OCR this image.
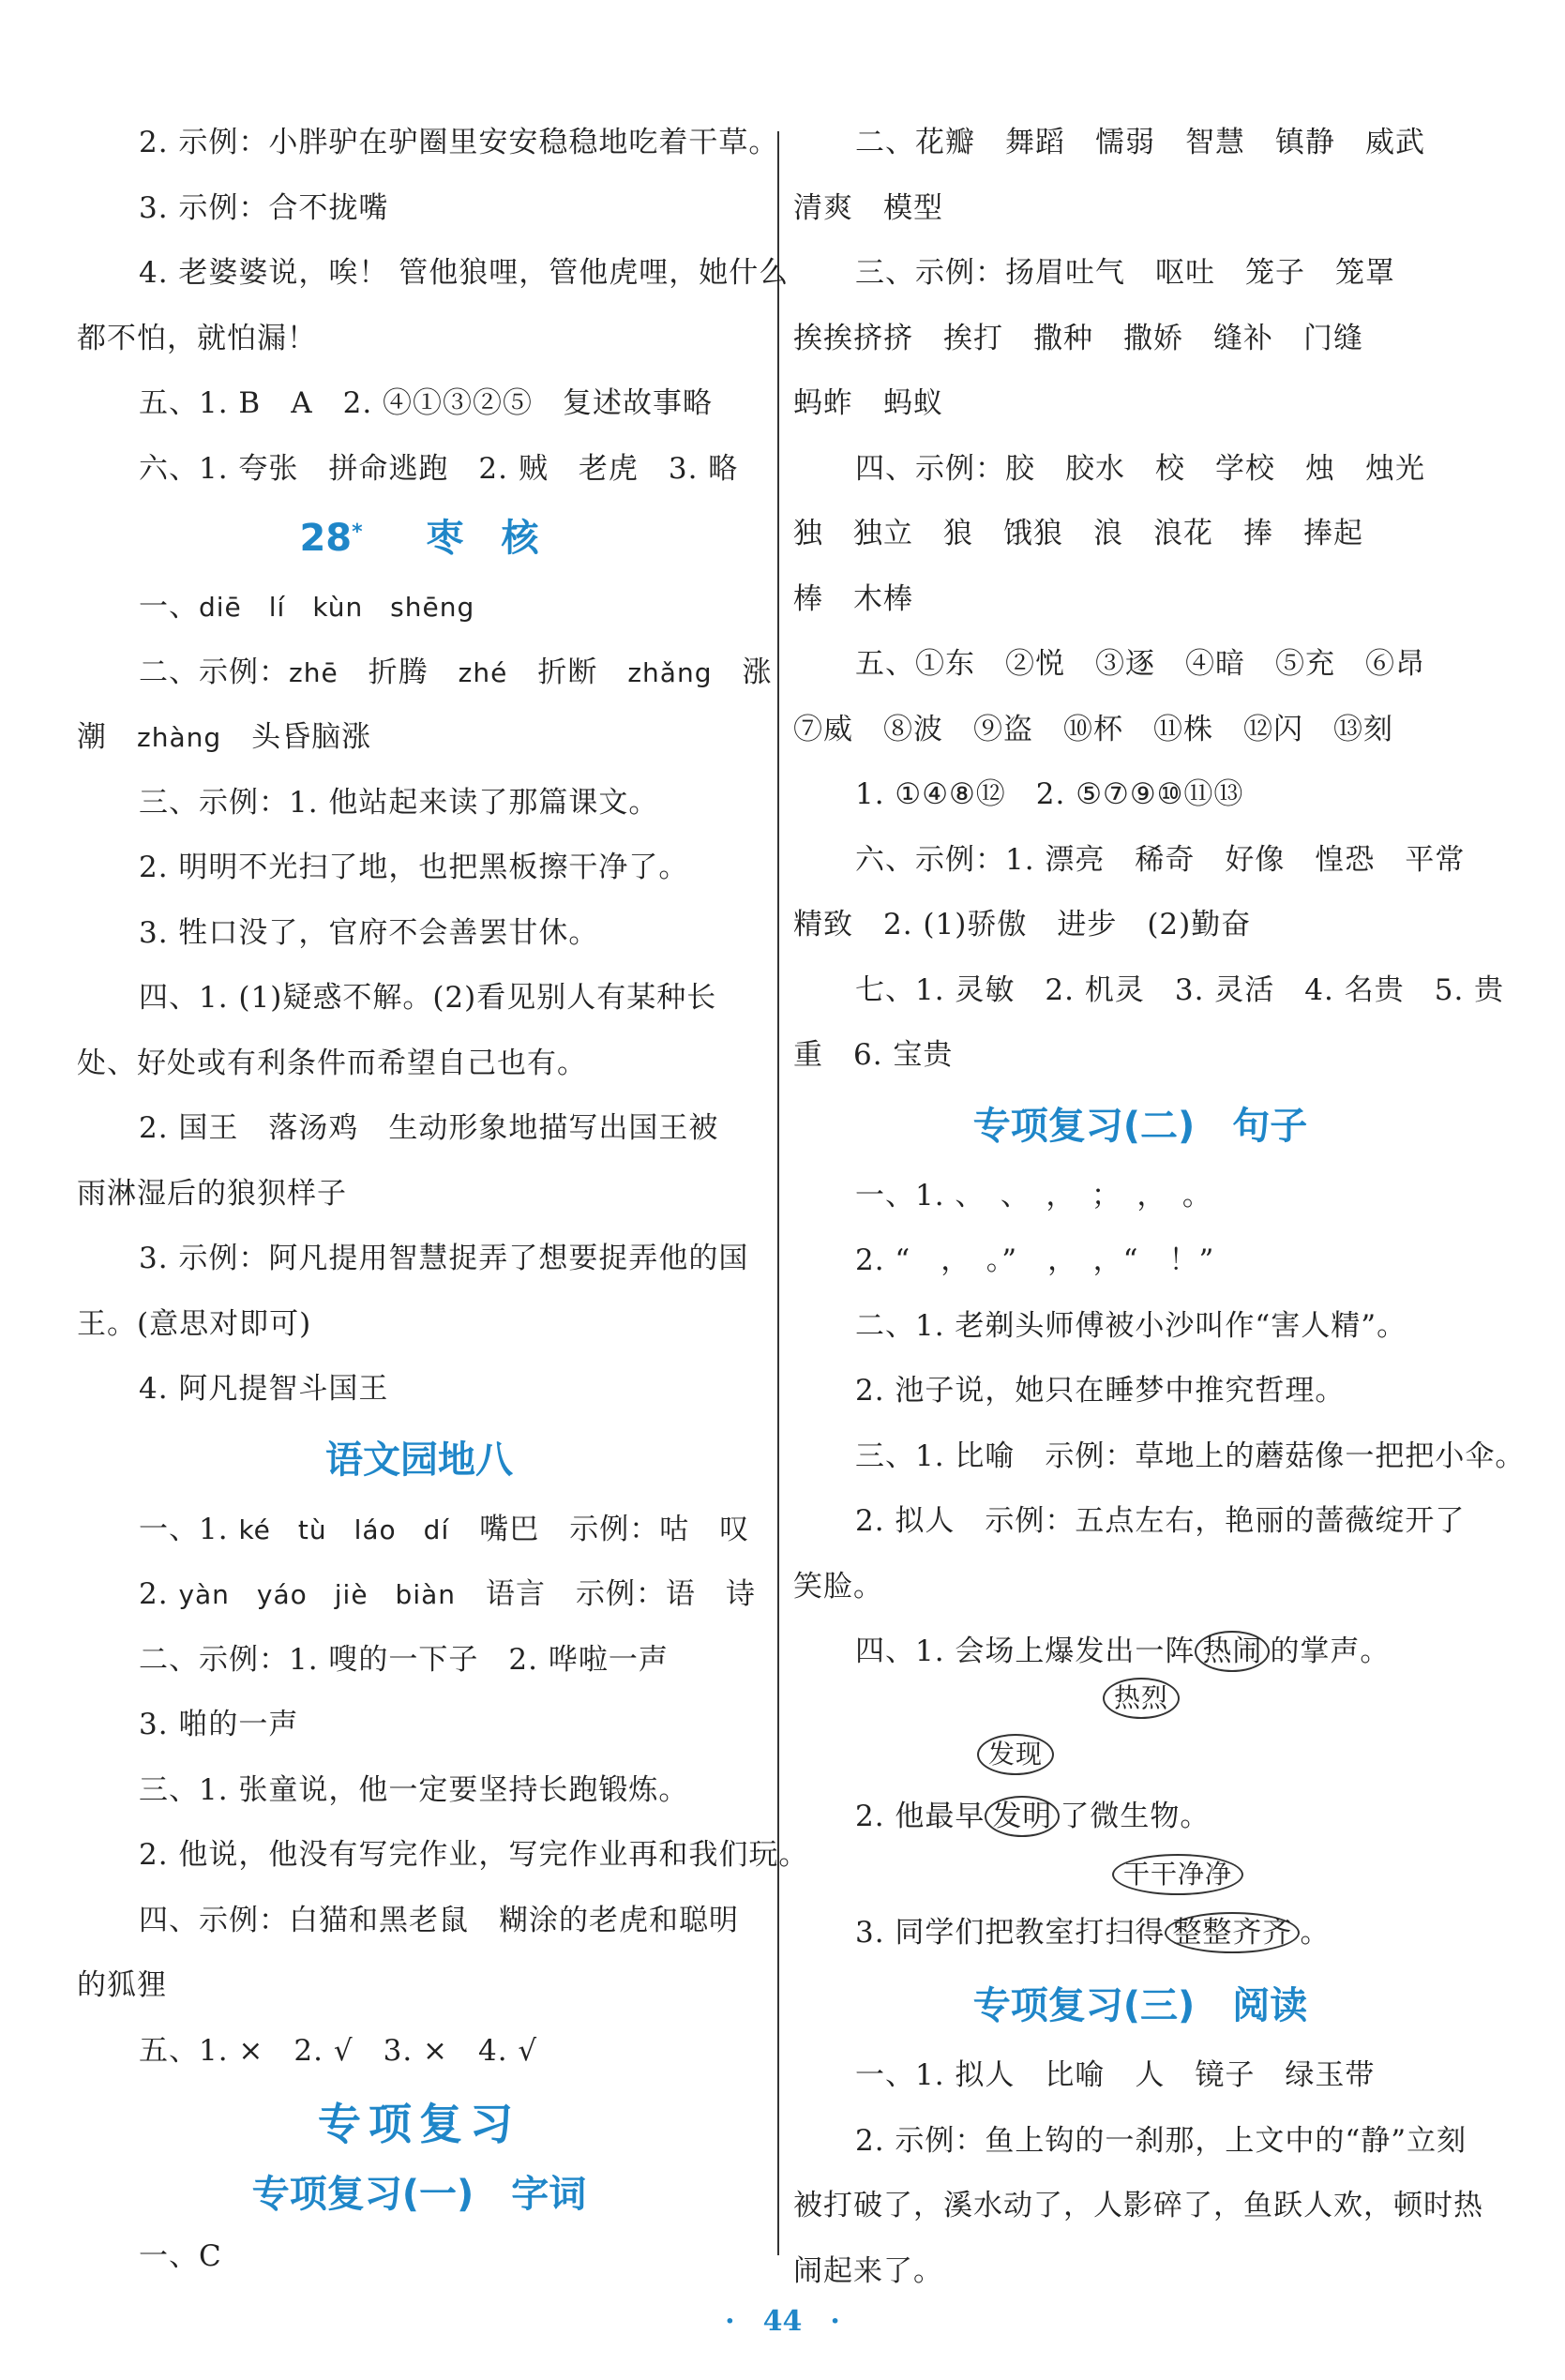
2. 示例：小胖驴在驴圈里安安稳稳地吃着干草。
3. 示例：合不拢嘴
4. 老婆婆说，唉！ 管他狼哩，管他虎哩，她什么
都不怕，就怕漏！
五、1. B　A　2. ④①③②⑤　复述故事略
六、1. 夸张　拼命逃跑　2. 贼　老虎　3. 略
28* 枣　核
一、diē　lí　kùn　shēng
二、示例：zhē　折腾　zhé　折断　zhǎng　涨
潮　zhàng　头昏脑涨
三、示例：1. 他站起来读了那篇课文。
2. 明明不光扫了地，也把黑板擦干净了。
3. 牲口没了，官府不会善罢甘休。
四、1. (1)疑惑不解。(2)看见别人有某种长
处、好处或有利条件而希望自己也有。
2. 国王　落汤鸡　生动形象地描写出国王被
雨淋湿后的狼狈样子
3. 示例：阿凡提用智慧捉弄了想要捉弄他的国
王。(意思对即可)
4. 阿凡提智斗国王
语文园地八
一、1. ké　tù　láo　dí　嘴巴　示例：咕　叹
2. yàn　yáo　jiè　biàn　语言　示例：语　诗
二、示例：1. 嗖的一下子　2. 哗啦一声
3. 啪的一声
三、1. 张童说，他一定要坚持长跑锻炼。
2. 他说，他没有写完作业，写完作业再和我们玩。
四、示例：白猫和黑老鼠　糊涂的老虎和聪明
的狐狸
五、1. ×　2. √　3. ×　4. √
专项复习
专项复习(一)　字词
一、C
二、花瓣　舞蹈　懦弱　智慧　镇静　威武
清爽　模型
三、示例：扬眉吐气　呕吐　笼子　笼罩
挨挨挤挤　挨打　撒种　撒娇　缝补　门缝
蚂蚱　蚂蚁
四、示例：胶　胶水　校　学校　烛　烛光
独　独立　狼　饿狼　浪　浪花　捧　捧起
棒　木棒
五、①东　②悦　③逐　④暗　⑤充　⑥昂
⑦威　⑧波　⑨盗　⑩杯　⑪株　⑫闪　⑬刻
1. ①④⑧⑫　2. ⑤⑦⑨⑩⑪⑬
六、示例：1. 漂亮　稀奇　好像　惶恐　平常
精致　2. (1)骄傲　进步　(2)勤奋
七、1. 灵敏　2. 机灵　3. 灵活　4. 名贵　5. 贵
重　6. 宝贵
专项复习(二)　句子
一、1. 、　、　，　；　，　。
2. “　，　。”　，　，“　！”
二、1. 老剃头师傅被小沙叫作“害人精”。
2. 池子说，她只在睡梦中推究哲理。
三、1. 比喻　示例：草地上的蘑菇像一把把小伞。
2. 拟人　示例：五点左右，艳丽的蔷薇绽开了
笑脸。
四、1. 会场上爆发出一阵 热闹 的掌声。
热烈
发现
2. 他最早 发明 了微生物。
干干净净
3. 同学们把教室打扫得 整整齐齐 。
专项复习(三)　阅读
一、1. 拟人　比喻　人　镜子　绿玉带
2. 示例：鱼上钩的一刹那，上文中的“静”立刻
被打破了，溪水动了，人影碎了，鱼跃人欢，顿时热
闹起来了。
·　44　·
